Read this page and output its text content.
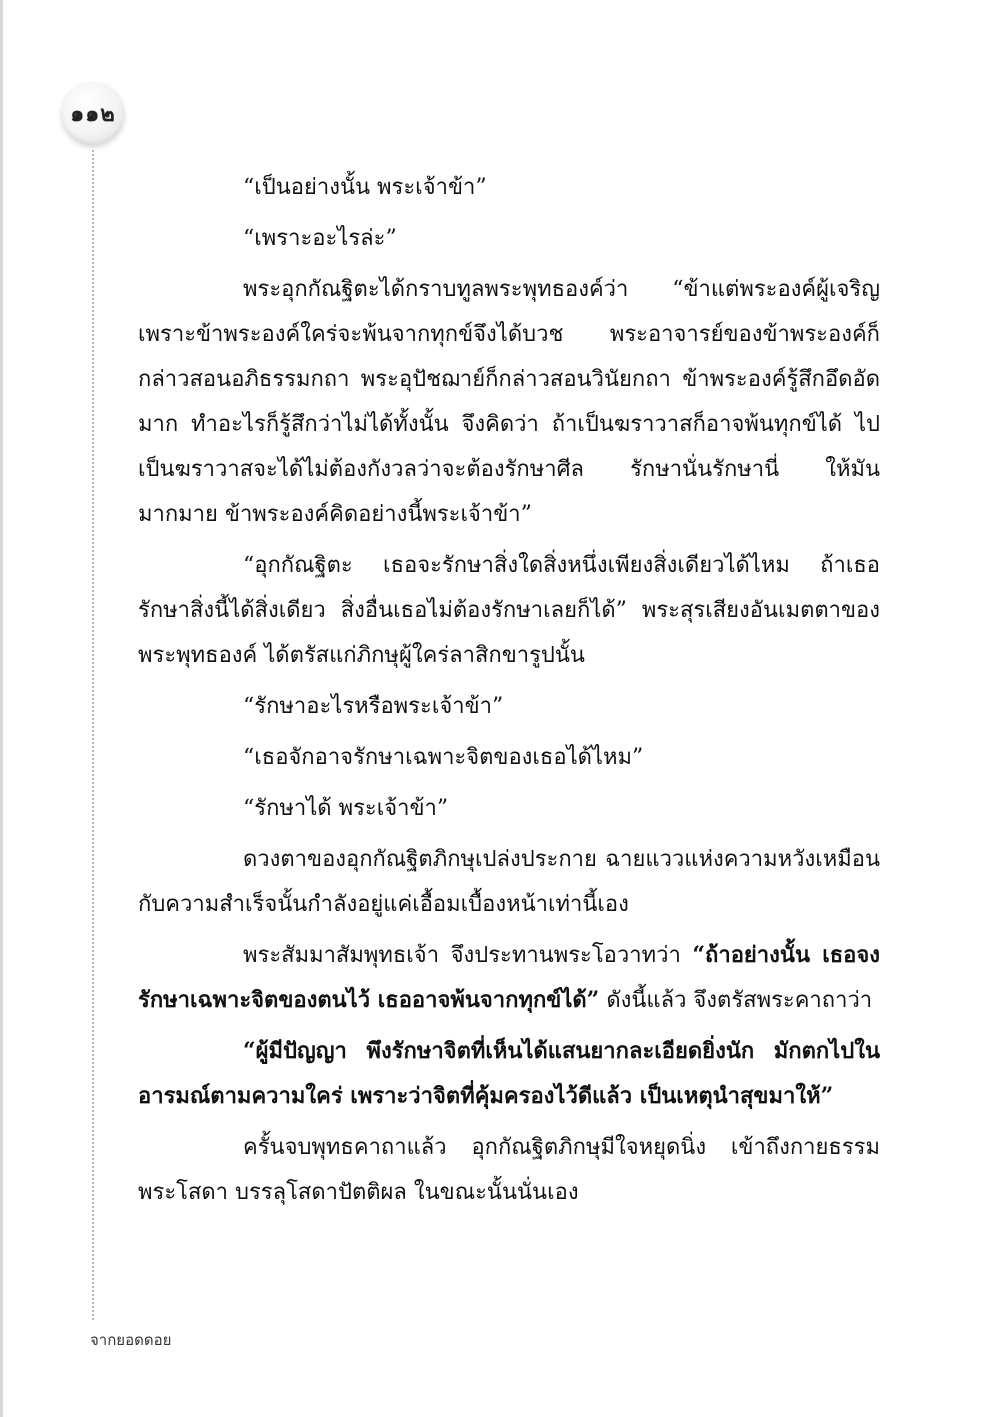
๑๑๒

“เป็นอย่างนั้น พระเจ้าข้า”

“เพราะอะไรล่ะ”

พระอุกกัณฐิตะได้กราบทูลพระพุทธองค์ว่า “ข้าแต่พระองค์ผู้เจริญ เพราะข้าพระองค์ใคร่จะพ้นจากทุกข์จึงได้บวช พระอาจารย์ของข้าพระองค์ก็กล่าวสอนอภิธรรมกถา พระอุปัชฌาย์ก็กล่าวสอนวินัยกถา ข้าพระองค์รู้สึกอึดอัดมาก ทำอะไรก็รู้สึกว่าไม่ได้ทั้งนั้น จึงคิดว่า ถ้าเป็นฆราวาสก็อาจพ้นทุกข์ได้ ไปเป็นฆราวาสจะได้ไม่ต้องกังวลว่าจะต้องรักษาศีล รักษานั่นรักษานี่ ให้มันมากมาย ข้าพระองค์คิดอย่างนี้พระเจ้าข้า”

“อุกกัณฐิตะ เธอจะรักษาสิ่งใดสิ่งหนึ่งเพียงสิ่งเดียวได้ไหม ถ้าเธอรักษาสิ่งนี้ได้สิ่งเดียว สิ่งอื่นเธอไม่ต้องรักษาเลยก็ได้” พระสุรเสียงอันเมตตาของพระพุทธองค์ ได้ตรัสแก่ภิกษุผู้ใคร่ลาสิกขารูปนั้น

“รักษาอะไรหรือพระเจ้าข้า”

“เธอจักอาจรักษาเฉพาะจิตของเธอได้ไหม”

“รักษาได้ พระเจ้าข้า”

ดวงตาของอุกกัณฐิตภิกษุเปล่งประกาย ฉายแววแห่งความหวังเหมือนกับความสำเร็จนั้นกำลังอยู่แค่เอื้อมเบื้องหน้าเท่านี้เอง

พระสัมมาสัมพุทธเจ้า จึงประทานพระโอวาทว่า “ถ้าอย่างนั้น เธอจงรักษาเฉพาะจิตของตนไว้ เธออาจพ้นจากทุกข์ได้” ดังนี้แล้ว จึงตรัสพระคาถาว่า

“ผู้มีปัญญา พึงรักษาจิตที่เห็นได้แสนยากละเอียดยิ่งนัก มักตกไปในอารมณ์ตามความใคร่ เพราะว่าจิตที่คุ้มครองไว้ดีแล้ว เป็นเหตุนำสุขมาให้”

ครั้นจบพุทธคาถาแล้ว อุกกัณฐิตภิกษุมีใจหยุดนิ่ง เข้าถึงกายธรรมพระโสดา บรรลุโสดาปัตติผล ในขณะนั้นนั่นเอง

จากยอดดอย
